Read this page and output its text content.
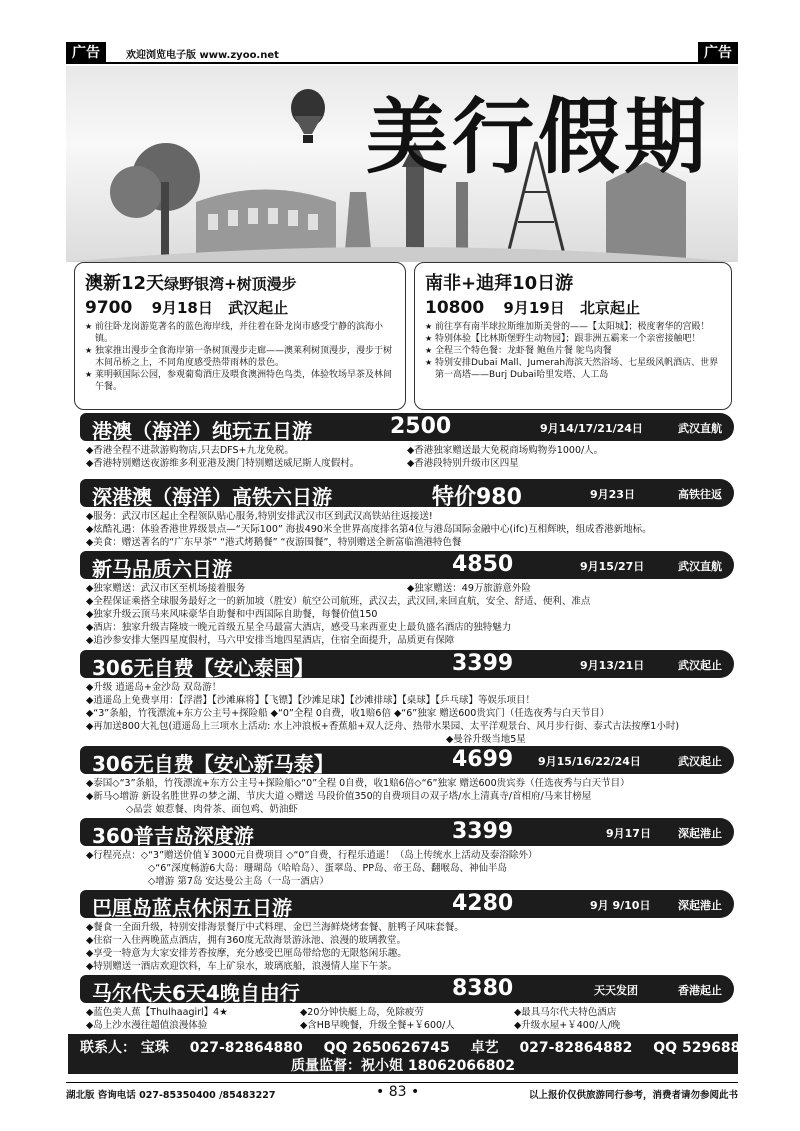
广告	欢迎浏览电子版 www.zyoo.net	广告
美行假期
澳新12天绿野银湾+树顶漫步
9700 9月18日 武汉起止
★ 前往卧龙岗游览著名的蓝色海岸线，并往着在卧龙岗市感受宁静的滨海小镇。
★ 独家推出漫步全食海岸第一条树顶漫步走廊——澳莱利树顶漫步，漫步于树木间吊桥之上，不同角度感受热带雨林的景色。
★ 莱明顿国际公园，参观葡萄酒庄及喂食澳洲特色鸟类，体验牧场早茶及林间午餐。
南非+迪拜10日游
10800 9月19日 北京起止
★ 前往享有南半球拉斯维加斯美誉的——【太阳城】；极度奢华的宫殿！
★ 特别体验【比林斯堡野生动物园】；跟非洲五霸来一个亲密接触吧！
★ 全程三个特色餐：龙虾餐 鲍鱼片餐 鸵鸟肉餐
★ 特别安排Dubai Mall、Jumerah海滨天然浴场、七星级风帆酒店、世界第一高塔——Burj Dubai哈里发塔、人工岛
港澳（海洋）纯玩五日游	2500	9月14/17/21/24日	武汉直航
◆香港全程不进款游购物店,只去DFS+九龙免税。	◆香港独家赠送最大免税商场购物券1000/人。
◆香港特别赠送夜游维多利亚港及澳门特别赠送威尼斯人度假村。	◆香港段特别升级市区四星
深港澳（海洋）高铁六日游	特价980	9月23日	高铁往返
◆服务：武汉市区起止全程领队贴心服务,特别安排武汉市区到武汉高铁站往返接送!
◆炫酷礼遇：体验香港世界级景点—“天际100” 海拔490米全世界高度排名第4位与港岛国际金融中心(ifc)互相辉映，组成香港新地标。
◆美食：赠送著名的“广东早茶” “港式烤鹅餐” “夜游围餐”，特别赠送全新富临渔港特色餐
新马品质六日游	4850	9月15/27日	武汉直航
◆独家赠送：武汉市区至机场接着服务	◆独家赠送：49万旅游意外险
◆全程保证乘搭全球服务最好之一的新加坡（胜安）航空公司航班，武汉去，武汉回,来回直航，安全、舒适、便利、准点
◆独家升级云顶马来风味豪华自助餐和中西国际自助餐，每餐价值150
◆酒店：独家升级吉隆坡一晚元首级五星全马最富大酒店，感受马来西亚史上最负盛名酒店的独特魅力
◆追沙参安排大堡四星度假村，马六甲安排当地四星酒店，住宿全面提升，品质更有保障
306无自费【安心泰国】	3399	9月13/21日	武汉起止
◆升级 逍遥岛+金沙岛 双岛游！
◆逍遥岛上免费享用：【浮潜】【沙滩麻将】【飞镖】【沙滩足球】【沙滩排球】【桌球】【乒乓球】等娱乐项目！
◆“3”条船，竹筏漂流+东方公主号+探险船 ◆“0”全程 0自费，收1赔6倍 ◆“6”独家 赠送600贵宾门（任选夜秀与白天节目）
◆再加送800大礼包(逍遥岛上三项水上活动: 水上冲浪板+香蕉船+双人泛舟、热带水果园、太平洋观景台、风月步行街、泰式古法按摩1小时)
◆曼谷升级当地5星
306无自费【安心新马泰】	4699 9月15/16/22/24日	武汉起止
◆泰国◇“3”条船，竹筏漂流+东方公主号+探险船◇“0”全程 0自费，收1赔6倍◇“6”独家 赠送600贵宾券（任选夜秀与白天节目）
◆新马◇增游 新设名胜世界の梦之湖、节庆大道 ◇赠送 马段价值350的自费项目の双子塔/水上清真寺/首相府/马来甘榜屋
◇品尝 娘惹餐、肉骨茶、面包鸡、奶油虾
360普吉岛深度游	3399	9月17日 深起港止
◆行程亮点：◇“3”赠送价值￥3000元自费项目 ◇“0”自费，行程乐逍遥！（岛上传统水上活动及泰浴除外）
◇“6”深度畅游6大岛：珊瑚岛（哈哈岛）、蛋翠岛、PP岛、帝王岛、翻喉岛、神仙半岛
◇增游 第7岛 安达曼公主岛（一岛一酒店）
巴厘岛蓝点休闲五日游	4280	9月 9/10日	深起港止
◆餐食一全面升级，特别安排海景餐厅中式料理、金巴兰海鲜烧烤套餐、脏鸭子风味套餐。
◆住宿一入住两晚蓝点酒店，拥有360度无敌海景游泳池、浪漫的玻璃教堂。
◆享受一特意为大家安排芳香按摩，充分感受巴厘岛带给您的无限悠闲乐趣。
◆特别赠送一酒店欢迎饮料，车上矿泉水，玻璃底船，浪漫情人崖下午茶。
马尔代夫6天4晚自由行	8380	天天发团	香港起止
◆蓝色美人蕉【Thulhaagirl】4★	◆20分钟快艇上岛，免除疲劳	◆最具马尔代夫特色酒店
◆岛上沙水漫往超值浪漫体验	◆含HB早晚餐，升级全餐+￥600/人	◆升级水屋+￥400/人/晚
联系人： 宝珠 027-82864880 QQ 2650626745 卓艺 027-82864882 QQ 529688709
质量监督：祝小姐 18062066802
湖北版 咨询电话 027-85350400 /85483227	• 83 •	以上报价仅供旅游同行参考，消费者请勿参阅此书
